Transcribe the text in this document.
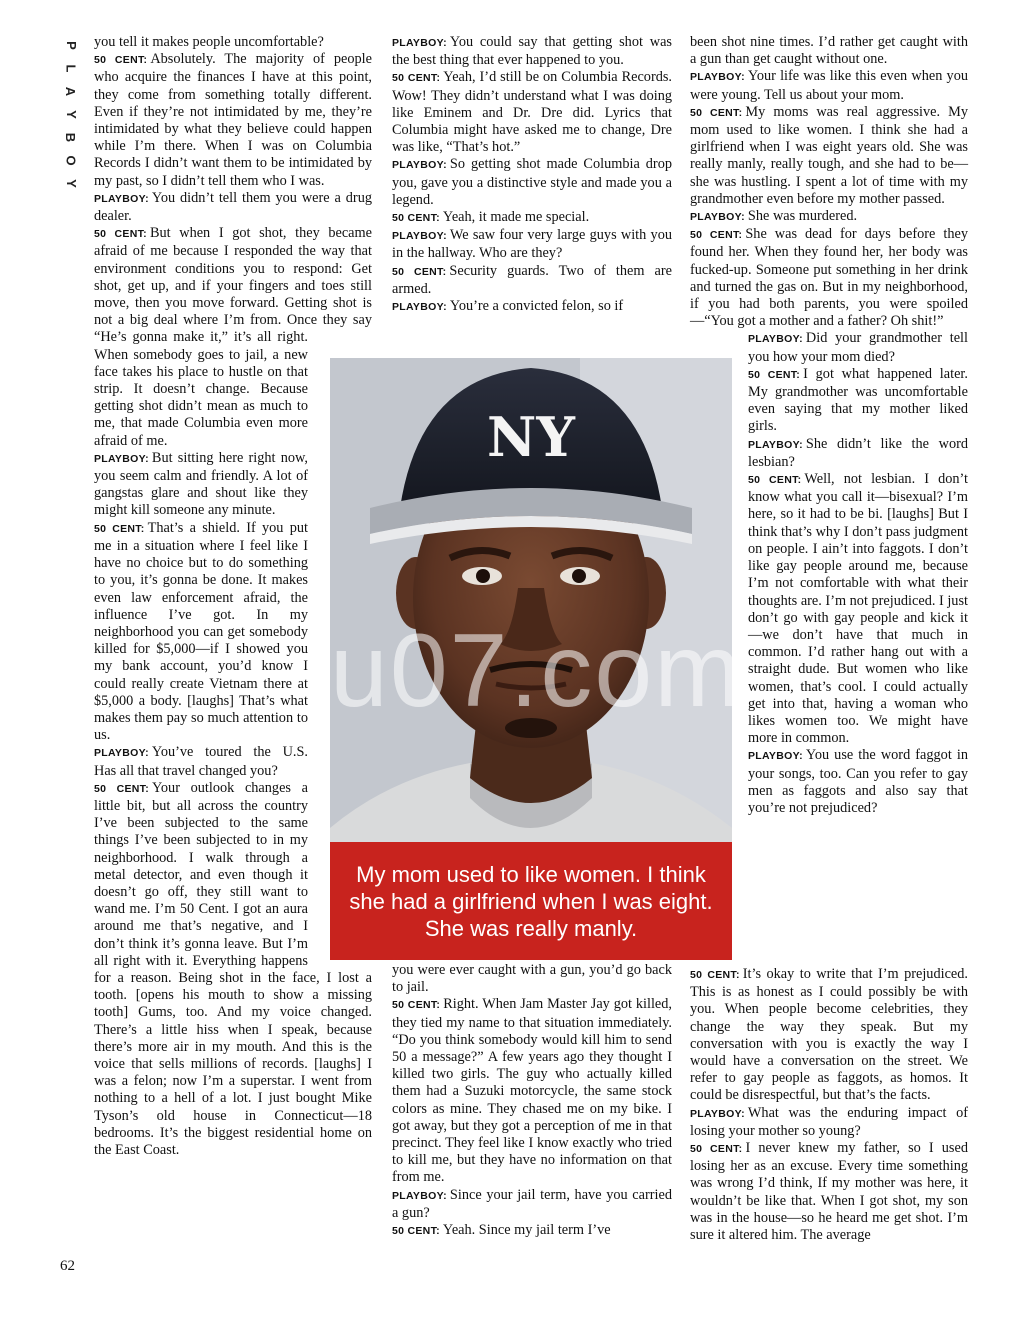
P
L
A
Y
B
O
Y

you tell it makes people uncomfortable?

50 CENT: Absolutely. The majority of people who acquire the finances I have at this point, they come from something totally different. Even if they’re not intimidated by me, they’re intimidated by what they believe could happen while I’m there. When I was on Columbia Records I didn’t want them to be intimidated by my past, so I didn’t tell them who I was.

PLAYBOY: You didn’t tell them you were a drug dealer.

50 CENT: But when I got shot, they became afraid of me because I responded the way that environment conditions you to respond: Get shot, get up, and if your fingers and toes still move, then you move forward. Getting shot is not a big deal where I’m from. Once they say “He’s gonna make it,” it’s all right. When somebody goes to jail, a new face takes his place to hustle on that strip. It doesn’t change. Because getting shot didn’t mean as much to me, that made Columbia even more afraid of me.

PLAYBOY: But sitting here right now, you seem calm and friendly. A lot of gangstas glare and shout like they might kill someone any minute.

50 CENT: That’s a shield. If you put me in a situation where I feel like I have no choice but to do something to you, it’s gonna be done. It makes even law enforcement afraid, the influence I’ve got. In my neighborhood you can get somebody killed for $5,000—if I showed you my bank account, you’d know I could really create Vietnam there at $5,000 a body. [laughs] That’s what makes them pay so much attention to us.

PLAYBOY: You’ve toured the U.S. Has all that travel changed you?

50 CENT: Your outlook changes a little bit, but all across the country I’ve been subjected to the same things I’ve been subjected to in my neighborhood. I walk through a metal detector, and even though it doesn’t go off, they still want to wand me. I’m 50 Cent. I got an aura around me that’s negative, and I don’t think it’s gonna leave. But I’m all right with it. Everything happens for a reason. Being shot in the face, I lost a tooth. [opens his mouth to show a missing tooth] Gums, too. And my voice changed. There’s a little hiss when I speak, because there’s more air in my mouth. And this is the voice that sells millions of records. [laughs] I was a felon; now I’m a superstar. I went from nothing to a hell of a lot. I just bought Mike Tyson’s old house in Connecticut—18 bedrooms. It’s the biggest residential home on the East Coast.

PLAYBOY: You could say that getting shot was the best thing that ever happened to you.

50 CENT: Yeah, I’d still be on Columbia Records. Wow! They didn’t understand what I was doing like Eminem and Dr. Dre did. Lyrics that Columbia might have asked me to change, Dre was like, “That’s hot.”

PLAYBOY: So getting shot made Columbia drop you, gave you a distinctive style and made you a legend.

50 CENT: Yeah, it made me special.

PLAYBOY: We saw four very large guys with you in the hallway. Who are they?

50 CENT: Security guards. Two of them are armed.

PLAYBOY: You’re a convicted felon, so if

been shot nine times. I’d rather get caught with a gun than get caught without one.

PLAYBOY: Your life was like this even when you were young. Tell us about your mom.

50 CENT: My moms was real aggressive. My mom used to like women. I think she had a girlfriend when I was eight years old. She was really manly, really tough, and she had to be—she was hustling. I spent a lot of time with my grandmother even before my mother passed.

PLAYBOY: She was murdered.

50 CENT: She was dead for days before they found her. When they found her, her body was fucked-up. Someone put something in her drink and turned the gas on. But in my neighborhood, if you had both parents, you were spoiled—“You got a mother and a father? Oh shit!”

PLAYBOY: Did your grandmother tell you how your mom died?

50 CENT: I got what happened later. My grandmother was uncomfortable even saying that my mother liked girls.

PLAYBOY: She didn’t like the word lesbian?

50 CENT: Well, not lesbian. I don’t know what you call it—bisexual? I’m here, so it had to be bi. [laughs] But I think that’s why I don’t pass judgment on people. I ain’t into faggots. I don’t like gay people around me, because I’m not comfortable with what their thoughts are. I’m not prejudiced. I just don’t go with gay people and kick it—we don’t have that much in common. I’d rather hang out with a straight dude. But women who like women, that’s cool. I could actually get into that, having a woman who likes women too. We might have more in common.

PLAYBOY: You use the word faggot in your songs, too. Can you refer to gay men as faggots and also say that you’re not prejudiced?

you were ever caught with a gun, you’d go back to jail.

50 CENT: Right. When Jam Master Jay got killed, they tied my name to that situation immediately. “Do you think somebody would kill him to send 50 a message?” A few years ago they thought I killed two girls. The guy who actually killed them had a Suzuki motorcycle, the same stock colors as mine. They chased me on my bike. I got away, but they got a perception of me in that precinct. They feel like I know exactly who tried to kill me, but they have no information on that from me.

PLAYBOY: Since your jail term, have you carried a gun?

50 CENT: Yeah. Since my jail term I’ve

50 CENT: It’s okay to write that I’m prejudiced. This is as honest as I could possibly be with you. When people become celebrities, they change the way they speak. But my conversation with you is exactly the way I would have a conversation on the street. We refer to gay people as faggots, as homos. It could be disrespectful, but that’s the facts.

PLAYBOY: What was the enduring impact of losing your mother so young?

50 CENT: I never knew my father, so I used losing her as an excuse. Every time something was wrong I’d think, If my mother was here, it wouldn’t be like that. When I got shot, my son was in the house—so he heard me get shot. I’m sure it altered him. The average

NY
u07.com
My mom used to like women. I think she had a girlfriend when I was eight. She was really manly.
62
